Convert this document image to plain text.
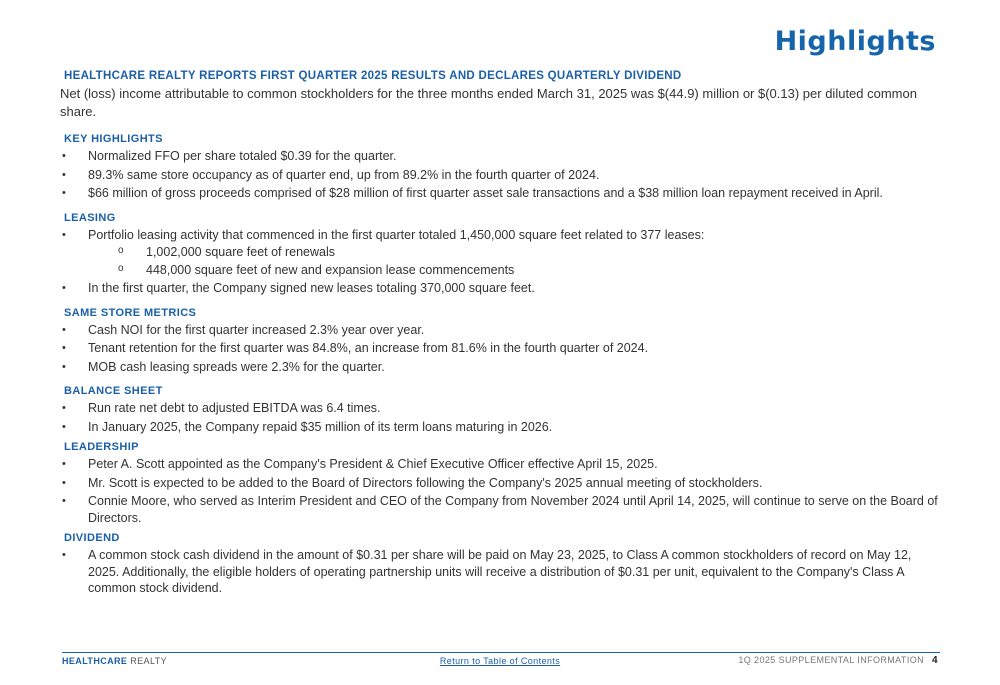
Highlights
HEALTHCARE REALTY REPORTS FIRST QUARTER 2025 RESULTS AND DECLARES QUARTERLY DIVIDEND

Net (loss) income attributable to common stockholders for the three months ended March 31, 2025 was $(44.9) million or $(0.13) per diluted common share.

KEY HIGHLIGHTS
• Normalized FFO per share totaled $0.39 for the quarter.
• 89.3% same store occupancy as of quarter end, up from 89.2% in the fourth quarter of 2024.
• $66 million of gross proceeds comprised of $28 million of first quarter asset sale transactions and a $38 million loan repayment received in April.
LEASING
• Portfolio leasing activity that commenced in the first quarter totaled 1,450,000 square feet related to 377 leases:
o 1,002,000 square feet of renewals
o 448,000 square feet of new and expansion lease commencements
• In the first quarter, the Company signed new leases totaling 370,000 square feet.
SAME STORE METRICS
• Cash NOI for the first quarter increased 2.3% year over year.
• Tenant retention for the first quarter was 84.8%, an increase from 81.6% in the fourth quarter of 2024.
• MOB cash leasing spreads were 2.3% for the quarter.
BALANCE SHEET
• Run rate net debt to adjusted EBITDA was 6.4 times.
• In January 2025, the Company repaid $35 million of its term loans maturing in 2026.
LEADERSHIP
• Peter A. Scott appointed as the Company's President & Chief Executive Officer effective April 15, 2025.
• Mr. Scott is expected to be added to the Board of Directors following the Company's 2025 annual meeting of stockholders.
• Connie Moore, who served as Interim President and CEO of the Company from November 2024 until April 14, 2025, will continue to serve on the Board of Directors.
DIVIDEND
• A common stock cash dividend in the amount of $0.31 per share will be paid on May 23, 2025, to Class A common stockholders of record on May 12, 2025. Additionally, the eligible holders of operating partnership units will receive a distribution of $0.31 per unit, equivalent to the Company's Class A common stock dividend.
HEALTHCARE REALTY	Return to Table of Contents	1Q 2025 SUPPLEMENTAL INFORMATION 4
